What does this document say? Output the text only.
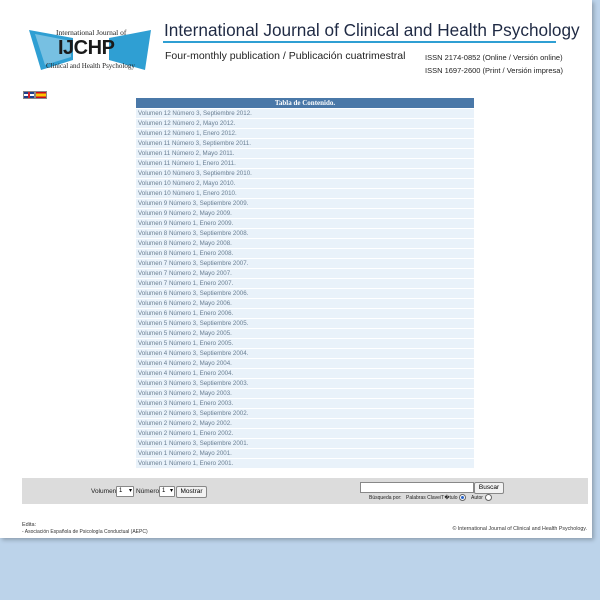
International Journal of
IJCHP
Clinical and Health Psychology
International Journal of Clinical and Health Psychology
Four-monthly publication / Publicación cuatrimestral	ISSN 2174-0852 (Online / Versión online)
ISSN 1697-2600 (Print / Versión impresa)
Tabla de Contenido.
Volumen 12 Número 3, Septiembre 2012.
Volumen 12 Número 2, Mayo 2012.
Volumen 12 Número 1, Enero 2012.
Volumen 11 Número 3, Septiembre 2011.
Volumen 11 Número 2, Mayo 2011.
Volumen 11 Número 1, Enero 2011.
Volumen 10 Número 3, Septiembre 2010.
Volumen 10 Número 2, Mayo 2010.
Volumen 10 Número 1, Enero 2010.
Volumen 9 Número 3, Septiembre 2009.
Volumen 9 Número 2, Mayo 2009.
Volumen 9 Número 1, Enero 2009.
Volumen 8 Número 3, Septiembre 2008.
Volumen 8 Número 2, Mayo 2008.
Volumen 8 Número 1, Enero 2008.
Volumen 7 Número 3, Septiembre 2007.
Volumen 7 Número 2, Mayo 2007.
Volumen 7 Número 1, Enero 2007.
Volumen 6 Número 3, Septiembre 2006.
Volumen 6 Número 2, Mayo 2006.
Volumen 6 Número 1, Enero 2006.
Volumen 5 Número 3, Septiembre 2005.
Volumen 5 Número 2, Mayo 2005.
Volumen 5 Número 1, Enero 2005.
Volumen 4 Número 3, Septiembre 2004.
Volumen 4 Número 2, Mayo 2004.
Volumen 4 Número 1, Enero 2004.
Volumen 3 Número 3, Septiembre 2003.
Volumen 3 Número 2, Mayo 2003.
Volumen 3 Número 1, Enero 2003.
Volumen 2 Número 3, Septiembre 2002.
Volumen 2 Número 2, Mayo 2002.
Volumen 2 Número 1, Enero 2002.
Volumen 1 Número 3, Septiembre 2001.
Volumen 1 Número 2, Mayo 2001.
Volumen 1 Número 1, Enero 2001.
Volumen 1 ▾	Número 1 ▾	Mostrar
Buscar
Búsqueda por: Palabras Clave/T�tulo	Autor
Edita:
- Asociación Española de Psicología Conductual (AEPC)	© International Journal of Clinical and Health Psychology.
